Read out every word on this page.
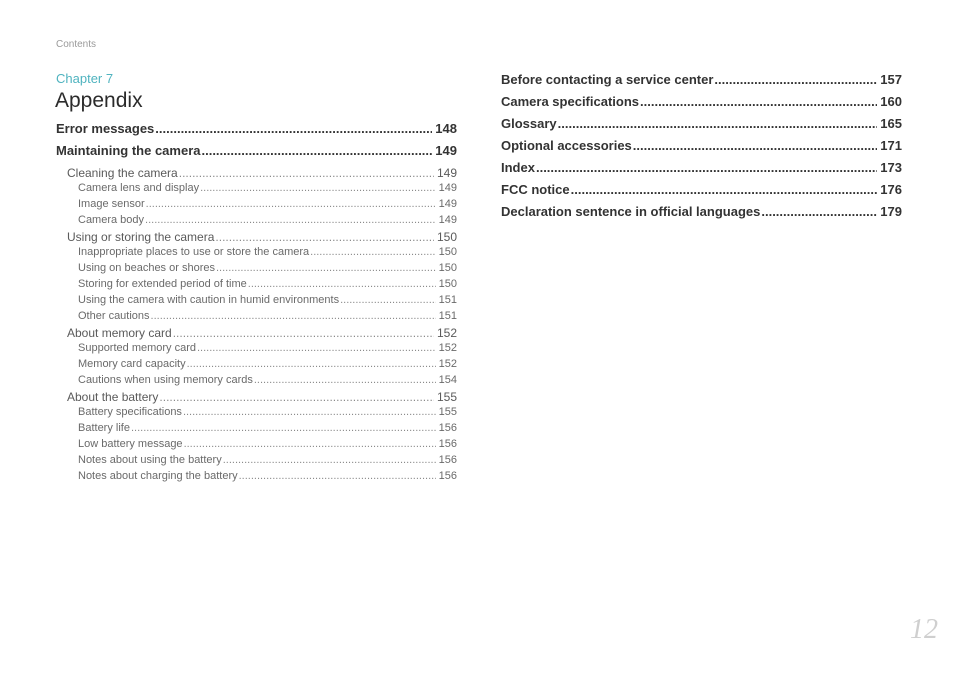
Contents
Chapter 7
Appendix
Error messages .....	148
Maintaining the camera .....	149
Cleaning the camera .....	149
Camera lens and display .....	149
Image sensor .....	149
Camera body .....	149
Using or storing the camera .....	150
Inappropriate places to use or store the camera .....	150
Using on beaches or shores .....	150
Storing for extended period of time .....	150
Using the camera with caution in humid environments .....	151
Other cautions .....	151
About memory card .....	152
Supported memory card .....	152
Memory card capacity .....	152
Cautions when using memory cards .....	154
About the battery .....	155
Battery specifications .....	155
Battery life .....	156
Low battery message .....	156
Notes about using the battery .....	156
Notes about charging the battery .....	156
Before contacting a service center .....	157
Camera specifications .....	160
Glossary .....	165
Optional accessories .....	171
Index .....	173
FCC notice .....	176
Declaration sentence in official languages .....	179
12
